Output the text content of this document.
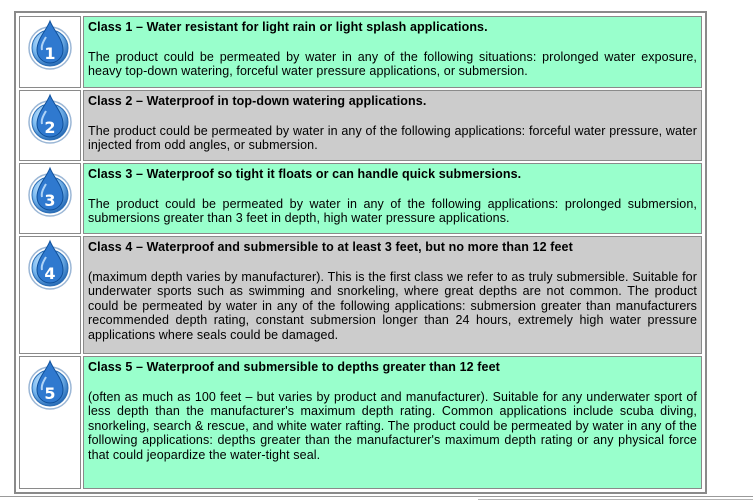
1	Class 1 – Water resistant for light rain or light splash applications.

The product could be permeated by water in any of the following situations: prolonged water exposure, heavy top-down watering, forceful water pressure applications, or submersion.

2	Class 2 – Waterproof in top-down watering applications.

The product could be permeated by water in any of the following applications: forceful water pressure, water injected from odd angles, or submersion.

3	Class 3 – Waterproof so tight it floats or can handle quick submersions.

The product could be permeated by water in any of the following applications: prolonged submersion, submersions greater than 3 feet in depth, high water pressure applications.

4	Class 4 – Waterproof and submersible to at least 3 feet, but no more than 12 feet

(maximum depth varies by manufacturer). This is the first class we refer to as truly submersible. Suitable for underwater sports such as swimming and snorkeling, where great depths are not common. The product could be permeated by water in any of the following applications: submersion greater than manufacturers recommended depth rating, constant submersion longer than 24 hours, extremely high water pressure applications where seals could be damaged.

5	Class 5 – Waterproof and submersible to depths greater than 12 feet

(often as much as 100 feet – but varies by product and manufacturer). Suitable for any underwater sport of less depth than the manufacturer's maximum depth rating. Common applications include scuba diving, snorkeling, search & rescue, and white water rafting. The product could be permeated by water in any of the following applications: depths greater than the manufacturer's maximum depth rating or any physical force that could jeopardize the water-tight seal.
